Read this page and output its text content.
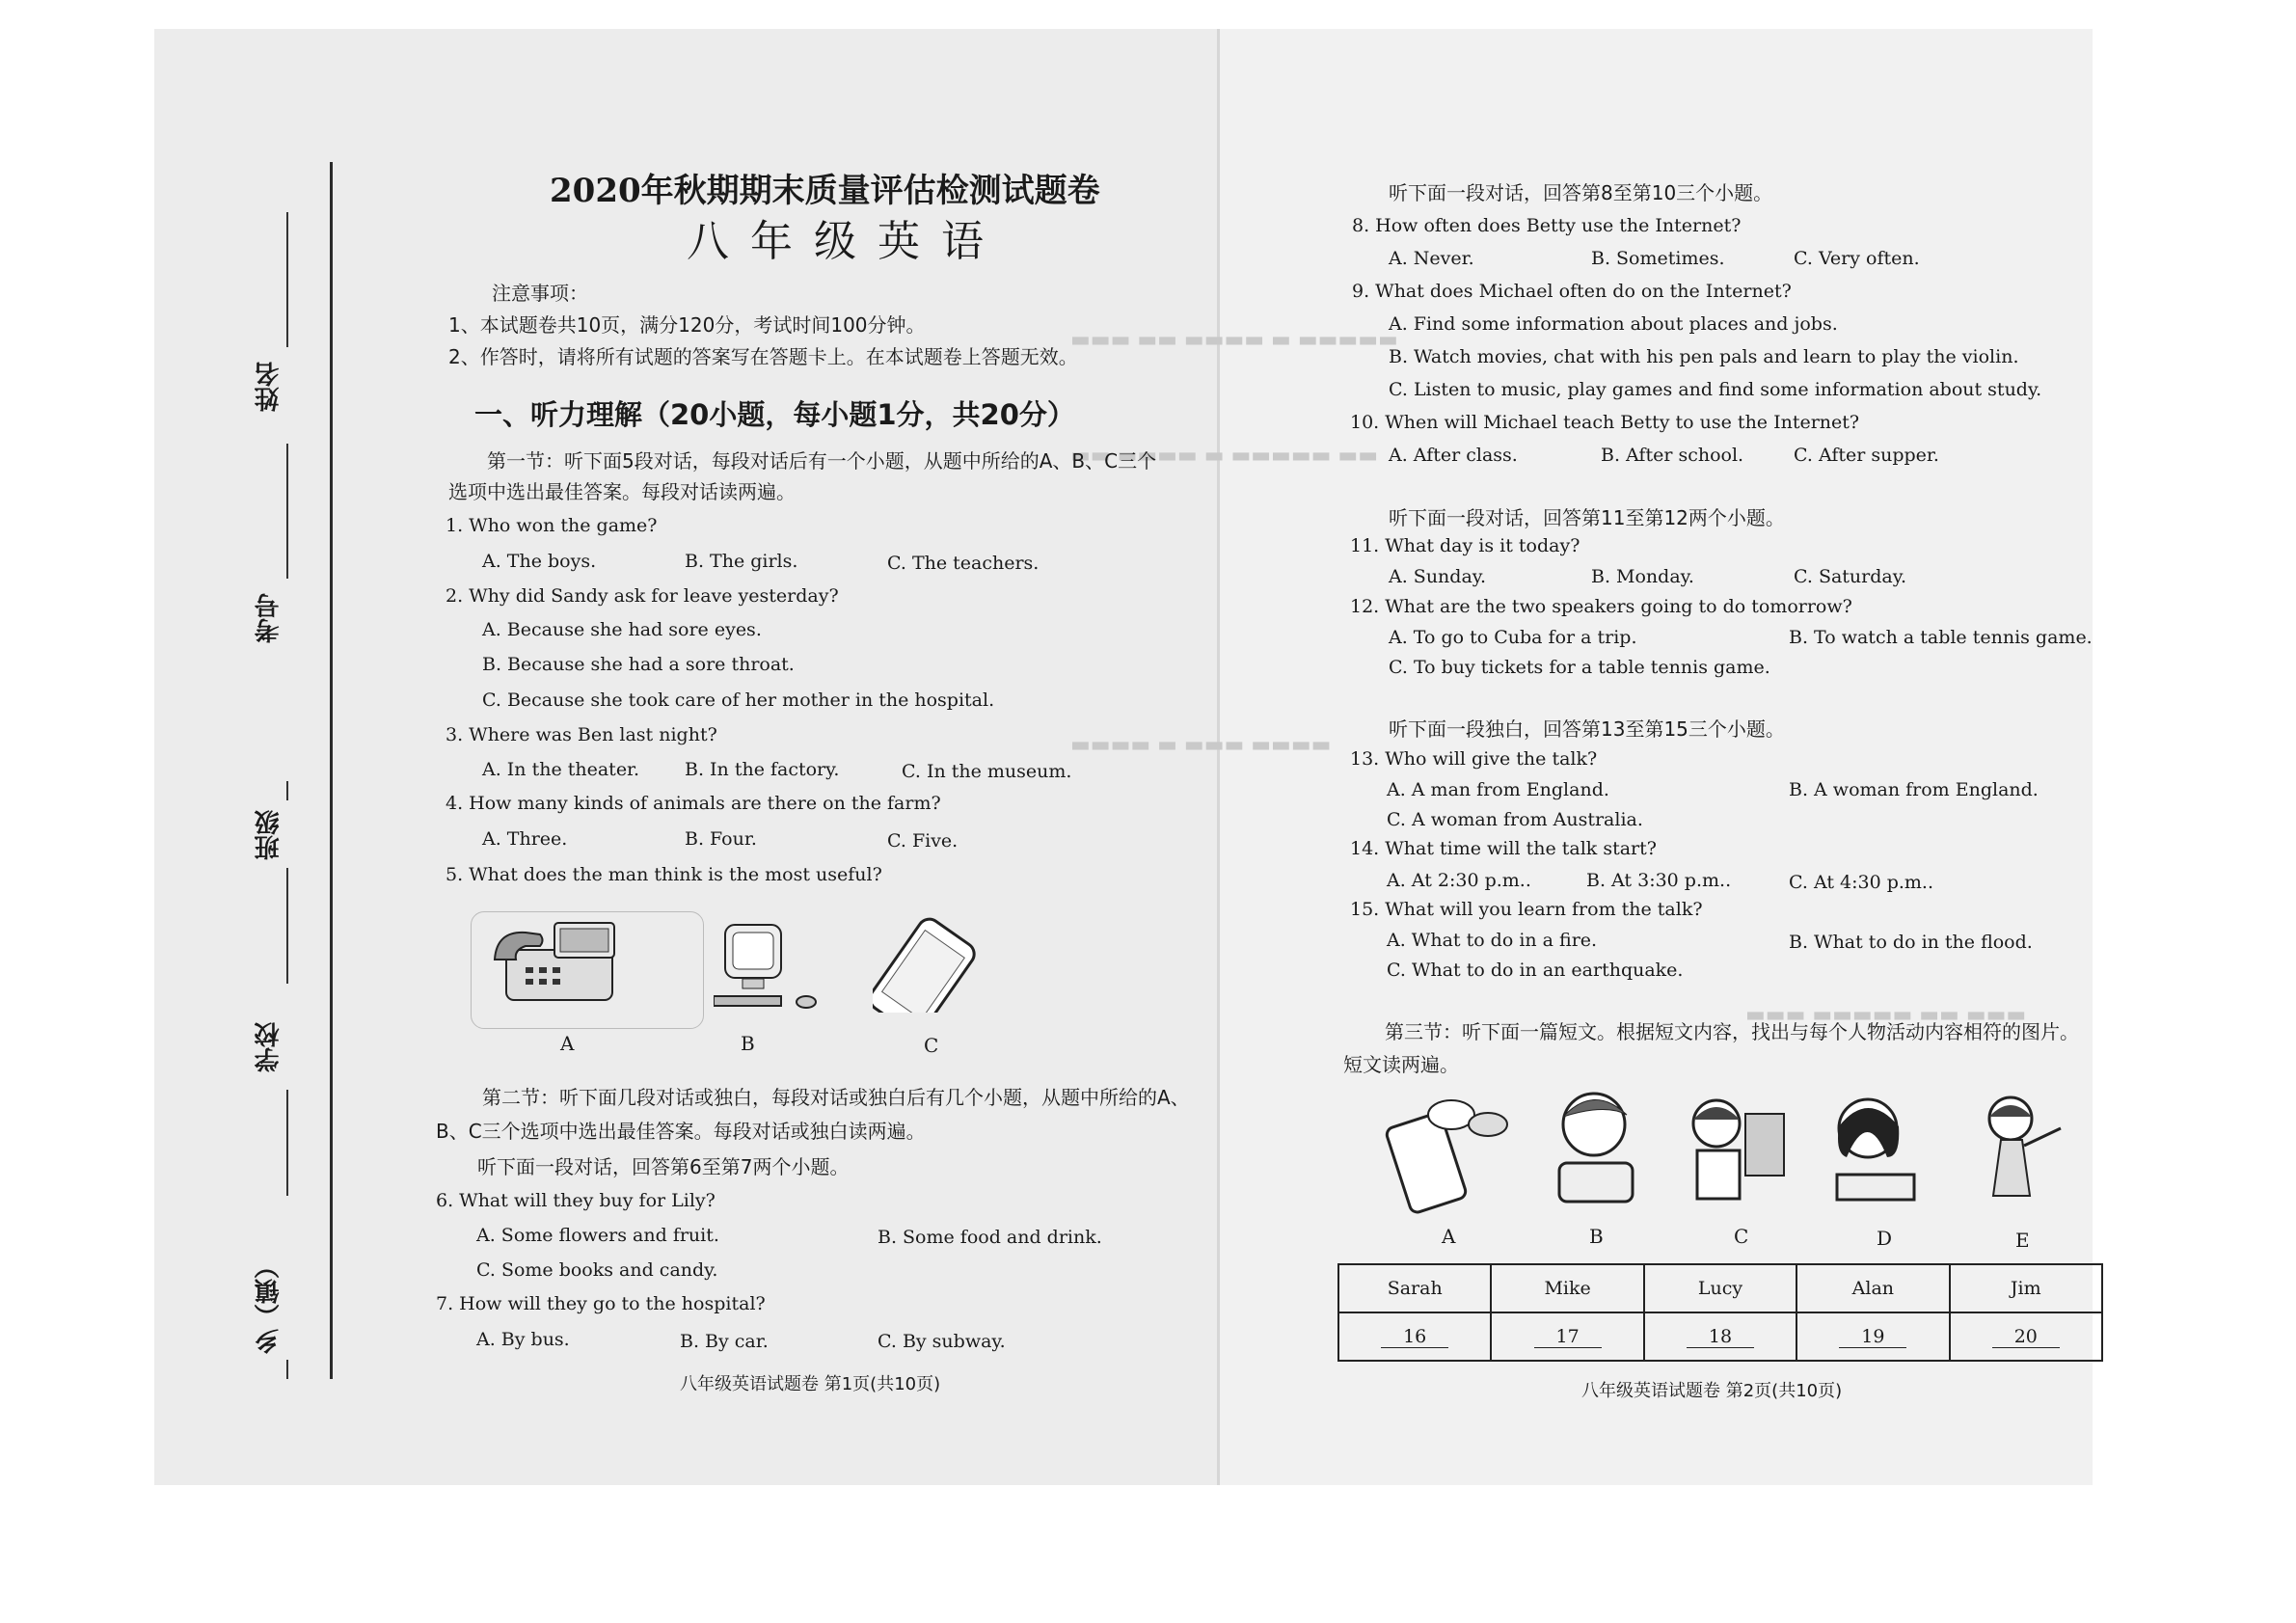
▬▬▬ ▬▬ ▬▬▬▬ ▬ ▬▬▬▬▬
▬▬ ▬▬▬▬ ▬ ▬▬▬▬▬ ▬▬
▬▬▬▬ ▬ ▬▬▬ ▬▬▬▬
▬▬▬ ▬▬▬▬▬ ▬▬ ▬▬▬
姓名
考号
班级
学校
乡（镇）
2020年秋期期末质量评估检测试题卷
八年级英语
注意事项：
1、本试题卷共10页，满分120分，考试时间100分钟。
2、作答时，请将所有试题的答案写在答题卡上。在本试题卷上答题无效。
一、听力理解（20小题，每小题1分，共20分）
第一节：听下面5段对话，每段对话后有一个小题，从题中所给的A、B、C三个
选项中选出最佳答案。每段对话读两遍。
1. Who won the game?
A. The boys.	B. The girls.	C. The teachers.
2. Why did Sandy ask for leave yesterday?
A. Because she had sore eyes.
B. Because she had a sore throat.
C. Because she took care of her mother in the hospital.
3. Where was Ben last night?
A. In the theater. B. In the factory.	C. In the museum.
4. How many kinds of animals are there on the farm?
A. Three.	B. Four.	C. Five.
5. What does the man think is the most useful?
A	B	C
第二节：听下面几段对话或独白，每段对话或独白后有几个小题，从题中所给的A、
B、C三个选项中选出最佳答案。每段对话或独白读两遍。
听下面一段对话，回答第6至第7两个小题。
6. What will they buy for Lily?
A. Some flowers and fruit.	B. Some food and drink.
C. Some books and candy.
7. How will they go to the hospital?
A. By bus.	B. By car.	C. By subway.
八年级英语试题卷 第1页(共10页)
听下面一段对话，回答第8至第10三个小题。
8. How often does Betty use the Internet?
A. Never.	B. Sometimes.	C. Very often.
9. What does Michael often do on the Internet?
A. Find some information about places and jobs.
B. Watch movies, chat with his pen pals and learn to play the violin.
C. Listen to music, play games and find some information about study.
10. When will Michael teach Betty to use the Internet?
A. After class.	B. After school.	C. After supper.
听下面一段对话，回答第11至第12两个小题。
11. What day is it today?
A. Sunday.	B. Monday.	C. Saturday.
12. What are the two speakers going to do tomorrow?
A. To go to Cuba for a trip.	B. To watch a table tennis game.
C. To buy tickets for a table tennis game.
听下面一段独白，回答第13至第15三个小题。
13. Who will give the talk?
A. A man from England.	B. A woman from England.
C. A woman from Australia.
14. What time will the talk start?
A. At 2:30 p.m..	B. At 3:30 p.m..	C. At 4:30 p.m..
15. What will you learn from the talk?
A. What to do in a fire.	B. What to do in the flood.
C. What to do in an earthquake.
第三节：听下面一篇短文。根据短文内容，找出与每个人物活动内容相符的图片。
短文读两遍。
A	B	C	D	E
Sarah	Mike	Lucy	Alan	Jim
16	17	18	19	20
八年级英语试题卷 第2页(共10页)
